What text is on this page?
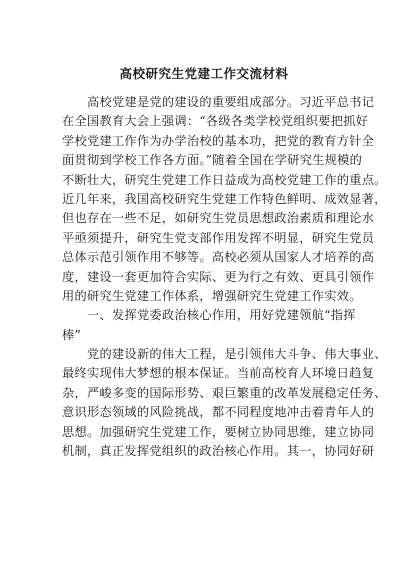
高校研究生党建工作交流材料
高校党建是党的建设的重要组成部分。习近平总书记
在全国教育大会上强调：“各级各类学校党组织要把抓好
学校党建工作作为办学治校的基本功，把党的教育方针全
面贯彻到学校工作各方面。”随着全国在学研究生规模的
不断壮大，研究生党建工作日益成为高校党建工作的重点。
近几年来，我国高校研究生党建工作特色鲜明、成效显著，
但也存在一些不足，如研究生党员思想政治素质和理论水
平亟须提升，研究生党支部作用发挥不明显，研究生党员
总体示范引领作用不够等。高校必须从国家人才培养的高
度，建设一套更加符合实际、更为行之有效、更具引领作
用的研究生党建工作体系，增强研究生党建工作实效。
一、发挥党委政治核心作用，用好党建领航“指挥
棒”
党的建设新的伟大工程，是引领伟大斗争、伟大事业、
最终实现伟大梦想的根本保证。当前高校育人环境日趋复
杂，严峻多变的国际形势、艰巨繁重的改革发展稳定任务、
意识形态领域的风险挑战，都不同程度地冲击着青年人的
思想。加强研究生党建工作，要树立协同思维，建立协同
机制，真正发挥党组织的政治核心作用。其一，协同好研
